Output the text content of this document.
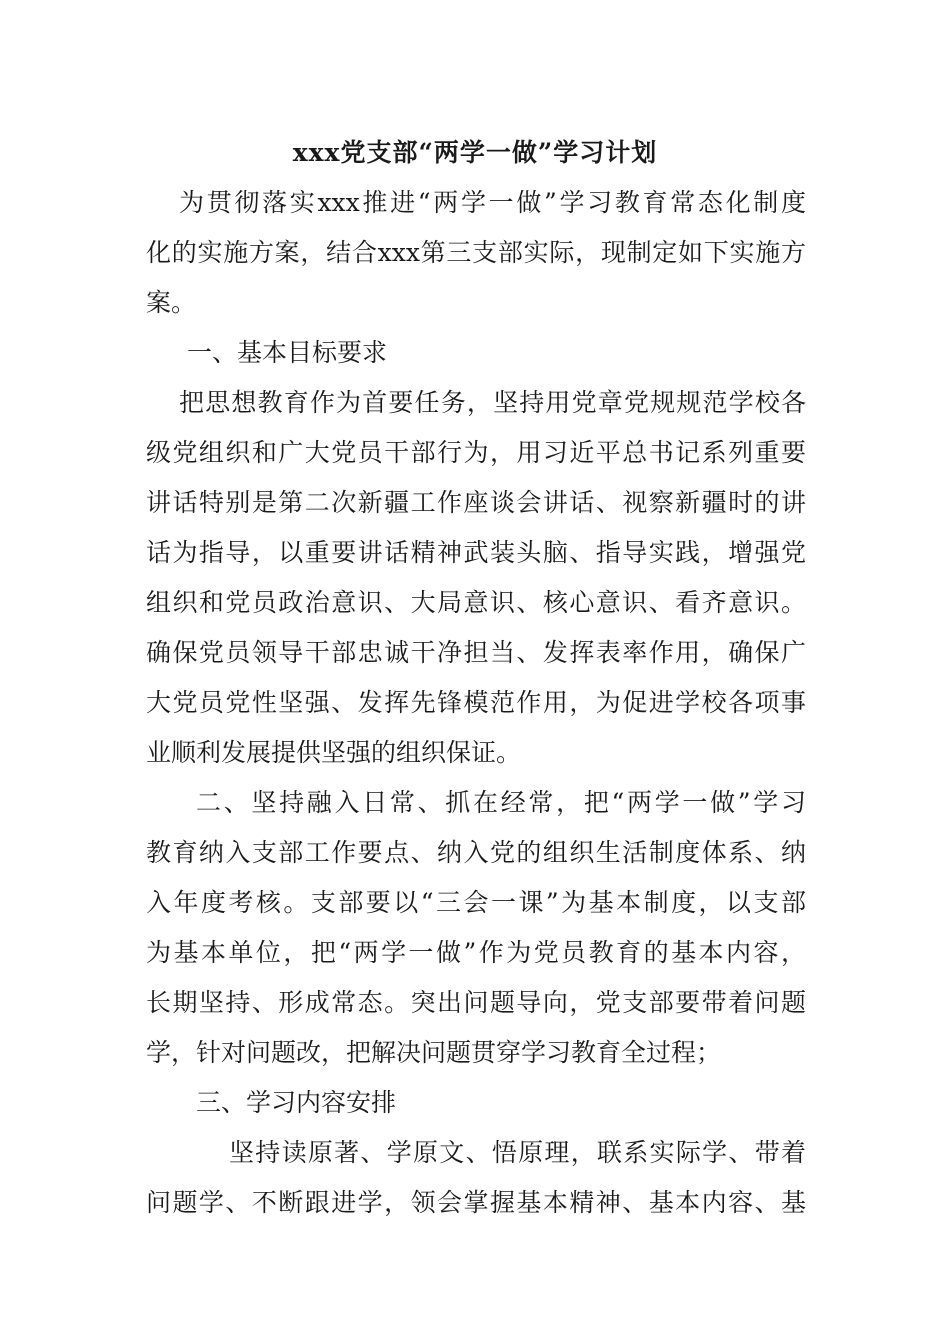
xxx党支部“两学一做”学习计划
为贯彻落实xxx推进“两学一做”学习教育常态化制度
化的实施方案，结合xxx第三支部实际，现制定如下实施方
案。
一、基本目标要求
把思想教育作为首要任务，坚持用党章党规规范学校各
级党组织和广大党员干部行为，用习近平总书记系列重要
讲话特别是第二次新疆工作座谈会讲话、视察新疆时的讲
话为指导，以重要讲话精神武装头脑、指导实践，增强党
组织和党员政治意识、大局意识、核心意识、看齐意识。
确保党员领导干部忠诚干净担当、发挥表率作用，确保广
大党员党性坚强、发挥先锋模范作用，为促进学校各项事
业顺利发展提供坚强的组织保证。
二、坚持融入日常、抓在经常，把“两学一做”学习
教育纳入支部工作要点、纳入党的组织生活制度体系、纳
入年度考核。支部要以“三会一课”为基本制度，以支部
为基本单位，把“两学一做”作为党员教育的基本内容，
长期坚持、形成常态。突出问题导向，党支部要带着问题
学，针对问题改，把解决问题贯穿学习教育全过程；
三、学习内容安排
坚持读原著、学原文、悟原理，联系实际学、带着
问题学、不断跟进学，领会掌握基本精神、基本内容、基
